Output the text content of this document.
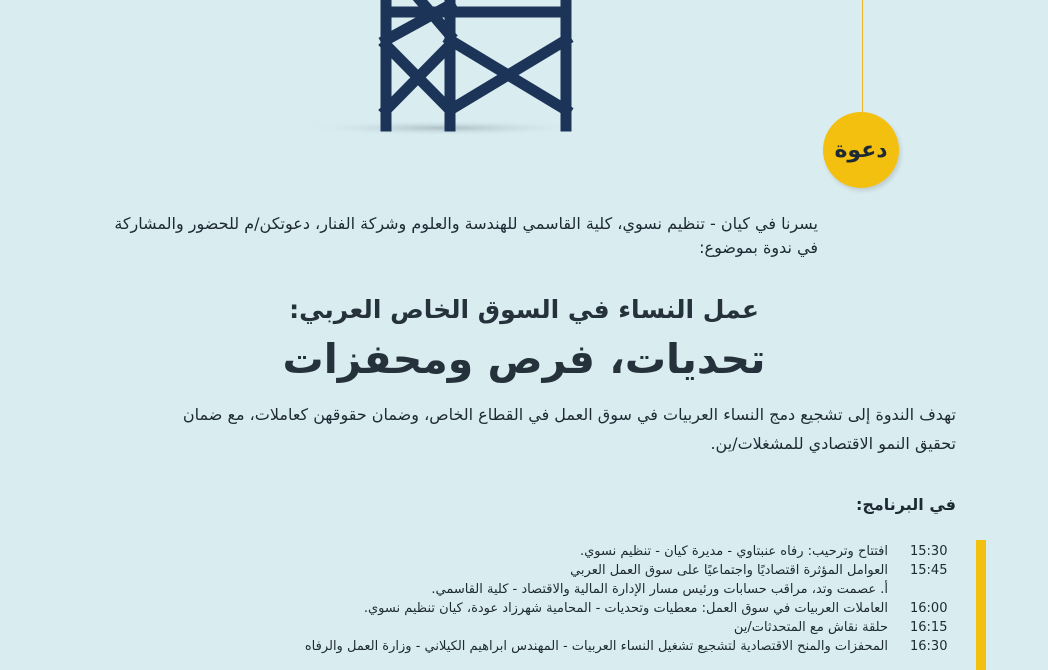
دعوة
يسرنا في كيان - تنظيم نسوي، كلية القاسمي للهندسة والعلوم وشركة الفنار، دعوتكن/م للحضور والمشاركة في ندوة بموضوع:
عمل النساء في السوق الخاص العربي:
تحديات، فرص ومحفزات
تهدف الندوة إلى تشجيع دمج النساء العربيات في سوق العمل في القطاع الخاص، وضمان حقوقهن كعاملات، مع ضمان تحقيق النمو الاقتصادي للمشغلات/ين.
في البرنامج:
15:30
افتتاح وترحيب: رفاه عنبتاوي - مديرة كيان - تنظيم نسوي.
15:45
العوامل المؤثرة اقتصاديًا واجتماعيًا على سوق العمل العربي
أ. عصمت وتد، مراقب حسابات ورئيس مسار الإدارة المالية والاقتصاد - كلية القاسمي.
16:00
العاملات العربيات في سوق العمل: معطيات وتحديات - المحامية شهرزاد عودة، كيان تنظيم نسوي.
16:15
حلقة نقاش مع المتحدثات/ين
16:30
المحفزات والمنح الاقتصادية لتشجيع تشغيل النساء العربيات - المهندس ابراهيم الكيلاني - وزارة العمل والرفاه
